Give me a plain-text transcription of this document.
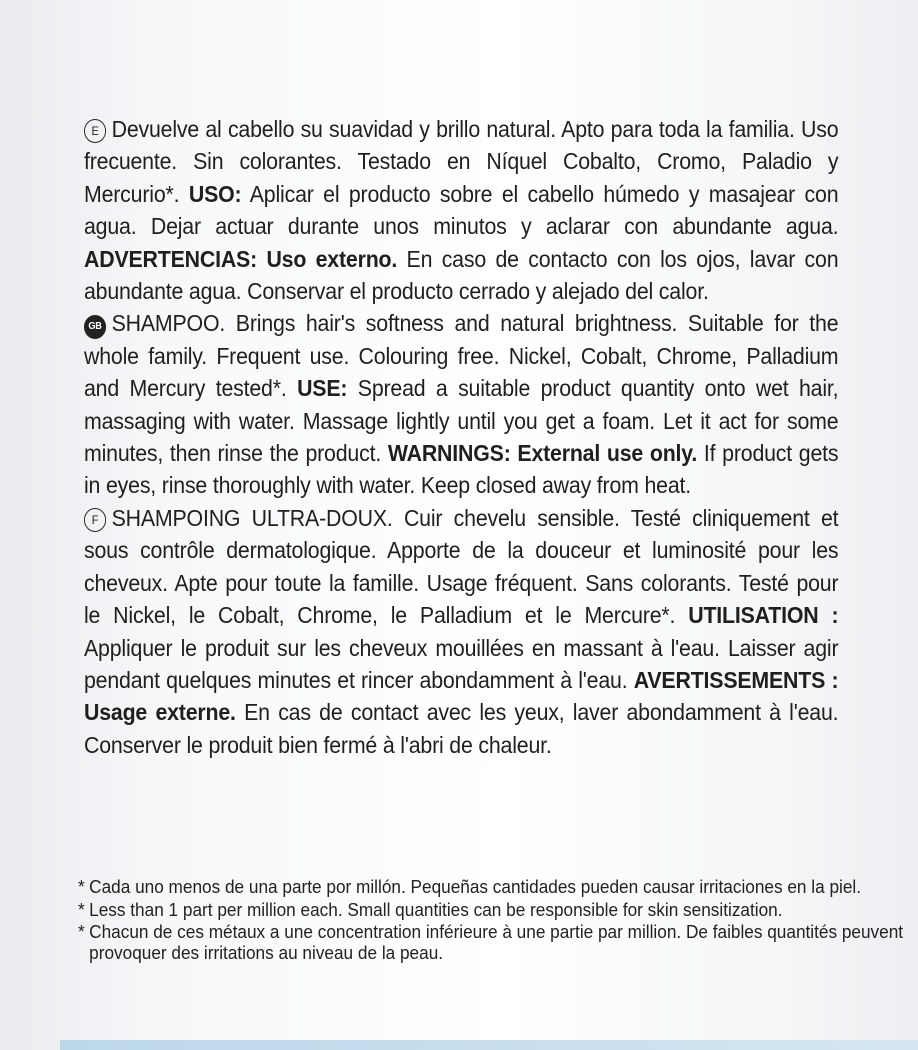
E Devuelve al cabello su suavidad y brillo natural. Apto para toda la familia. Uso frecuente. Sin colorantes. Testado en Níquel Cobalto, Cromo, Paladio y Mercurio*. USO: Aplicar el producto sobre el cabello húmedo y masajear con agua. Dejar actuar durante unos minutos y aclarar con abundante agua. ADVERTENCIAS: Uso externo. En caso de contacto con los ojos, lavar con abundante agua. Conservar el producto cerrado y alejado del calor.

GB SHAMPOO. Brings hair's softness and natural brightness. Suitable for the whole family. Frequent use. Colouring free. Nickel, Cobalt, Chrome, Palladium and Mercury tested*. USE: Spread a suitable product quantity onto wet hair, massaging with water. Massage lightly until you get a foam. Let it act for some minutes, then rinse the product. WARNINGS: External use only. If product gets in eyes, rinse thoroughly with water. Keep closed away from heat.

F SHAMPOING ULTRA-DOUX. Cuir chevelu sensible. Testé cliniquement et sous contrôle dermatologique. Apporte de la douceur et luminosité pour les cheveux. Apte pour toute la famille. Usage fréquent. Sans colorants. Testé pour le Nickel, le Cobalt, Chrome, le Palladium et le Mercure*. UTILISATION : Appliquer le produit sur les cheveux mouillées en massant à l'eau. Laisser agir pendant quelques minutes et rincer abondamment à l'eau. AVERTISSEMENTS : Usage externe. En cas de contact avec les yeux, laver abondamment à l'eau. Conserver le produit bien fermé à l'abri de chaleur.

* Cada uno menos de una parte por millón. Pequeñas cantidades pueden causar irritaciones en la piel.
* Less than 1 part per million each. Small quantities can be responsible for skin sensitization.
* Chacun de ces métaux a une concentration inférieure à une partie par million. De faibles quantités peuvent provoquer des irritations au niveau de la peau.
